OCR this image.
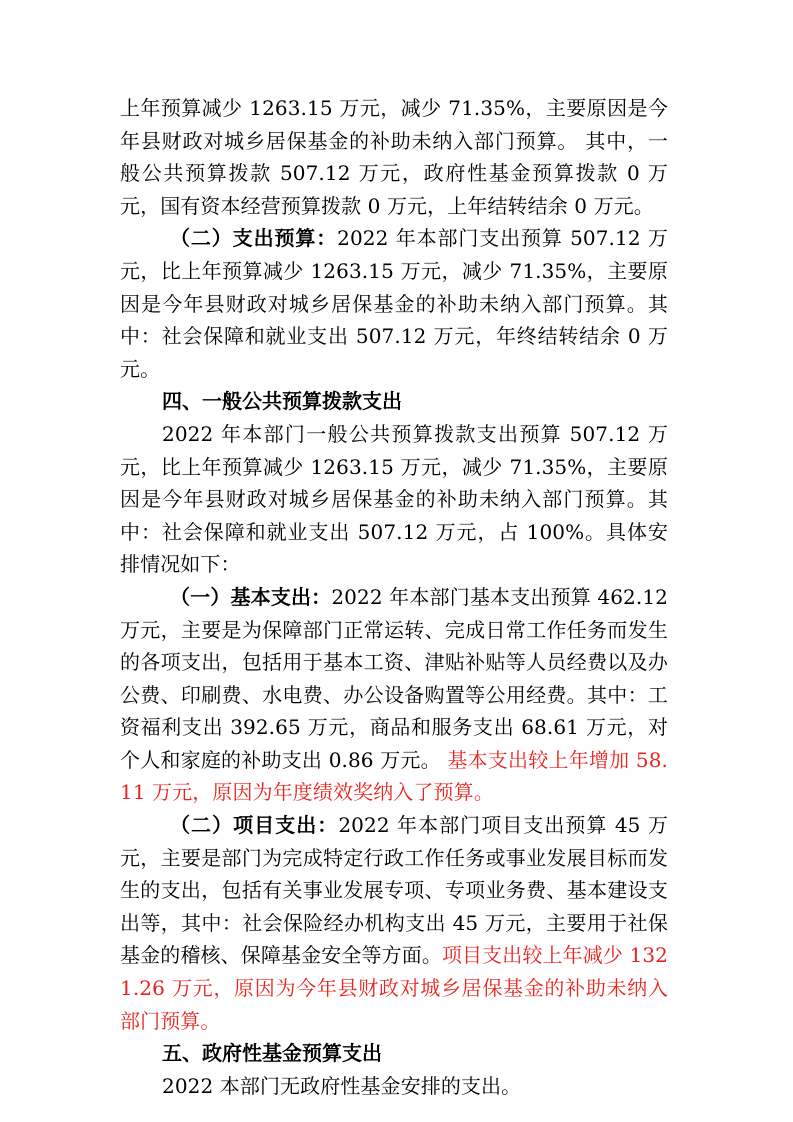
上年预算减少 1263.15 万元，减少 71.35%，主要原因是今年县财政对城乡居保基金的补助未纳入部门预算。 其中，一般公共预算拨款 507.12 万元，政府性基金预算拨款 0 万元，国有资本经营预算拨款 0 万元，上年结转结余 0 万元。

（二）支出预算：2022 年本部门支出预算 507.12 万元，比上年预算减少 1263.15 万元，减少 71.35%，主要原因是今年县财政对城乡居保基金的补助未纳入部门预算。其中：社会保障和就业支出 507.12 万元，年终结转结余 0 万元。

四、一般公共预算拨款支出

2022 年本部门一般公共预算拨款支出预算 507.12 万元，比上年预算减少 1263.15 万元，减少 71.35%，主要原因是今年县财政对城乡居保基金的补助未纳入部门预算。其中：社会保障和就业支出 507.12 万元，占 100%。具体安排情况如下：

（一）基本支出：2022 年本部门基本支出预算 462.12 万元，主要是为保障部门正常运转、完成日常工作任务而发生的各项支出，包括用于基本工资、津贴补贴等人员经费以及办公费、印刷费、水电费、办公设备购置等公用经费。其中：工资福利支出 392.65 万元，商品和服务支出 68.61 万元，对个人和家庭的补助支出 0.86 万元。 基本支出较上年增加 58.11 万元，原因为年度绩效奖纳入了预算。

（二）项目支出：2022 年本部门项目支出预算 45 万元，主要是部门为完成特定行政工作任务或事业发展目标而发生的支出，包括有关事业发展专项、专项业务费、基本建设支出等，其中：社会保险经办机构支出 45 万元，主要用于社保基金的稽核、保障基金安全等方面。项目支出较上年减少 1321.26 万元，原因为今年县财政对城乡居保基金的补助未纳入部门预算。

五、政府性基金预算支出

2022 本部门无政府性基金安排的支出。
